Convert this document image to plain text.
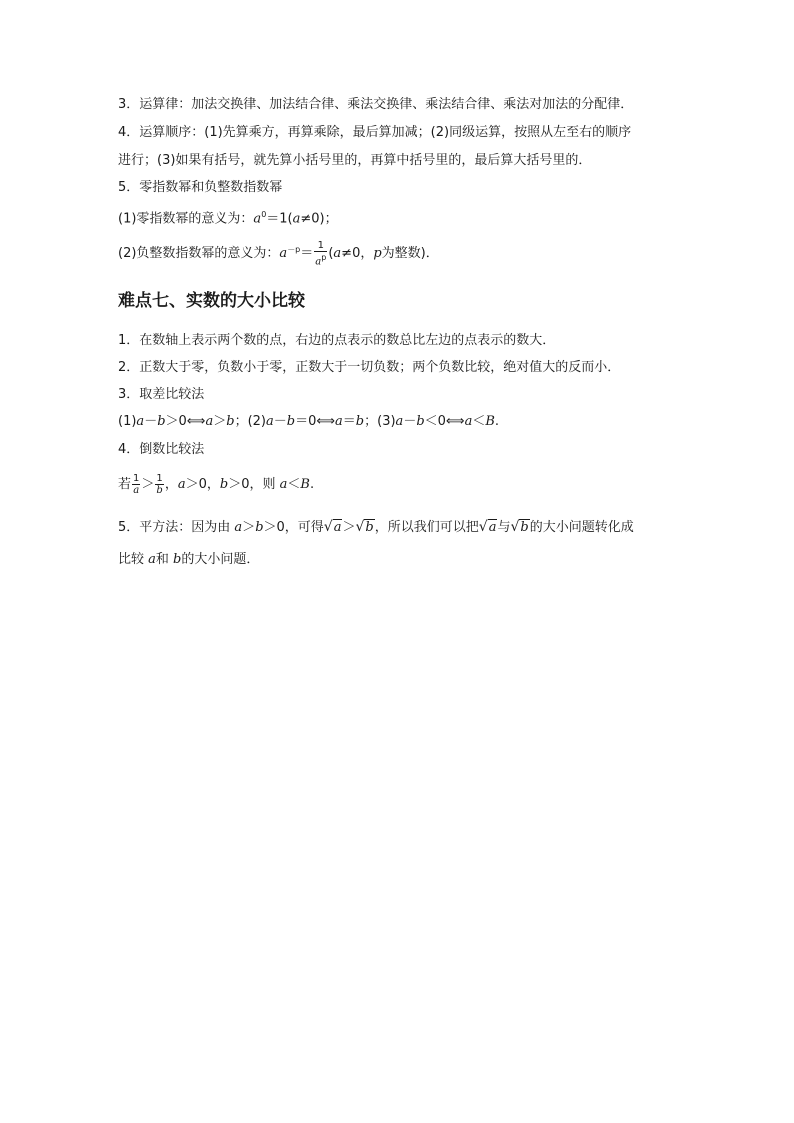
3．运算律：加法交换律、加法结合律、乘法交换律、乘法结合律、乘法对加法的分配律．
4．运算顺序：(1)先算乘方，再算乘除，最后算加减；(2)同级运算，按照从左至右的顺序
进行；(3)如果有括号，就先算小括号里的，再算中括号里的，最后算大括号里的．
5．零指数幂和负整数指数幂
(1)零指数幂的意义为：$a^0=1(a\ne 0)$；
(2)负整数指数幂的意义为：$a^{-p}= \frac{1}{a^p} (a\ne 0$，p为整数)．
难点七、实数的大小比较
1．在数轴上表示两个数的点，右边的点表示的数总比左边的点表示的数大．
2．正数大于零，负数小于零，正数大于一切负数；两个负数比较，绝对值大的反而小．
3．取差比较法
(1)a－b＞0⟺a＞b；(2)a－b＝0⟺a＝b；(3)a－b＜0⟺a＜B.
4．倒数比较法
若 $\frac{1}{a} > \frac{1}{b}$ ，a＞0，b＞0，则 a＜B.
5．平方法：因为由 a＞b＞0，可得√a＞√b，所以我们可以把√a与√b的大小问题转化成
比较 a和 b的大小问题．
